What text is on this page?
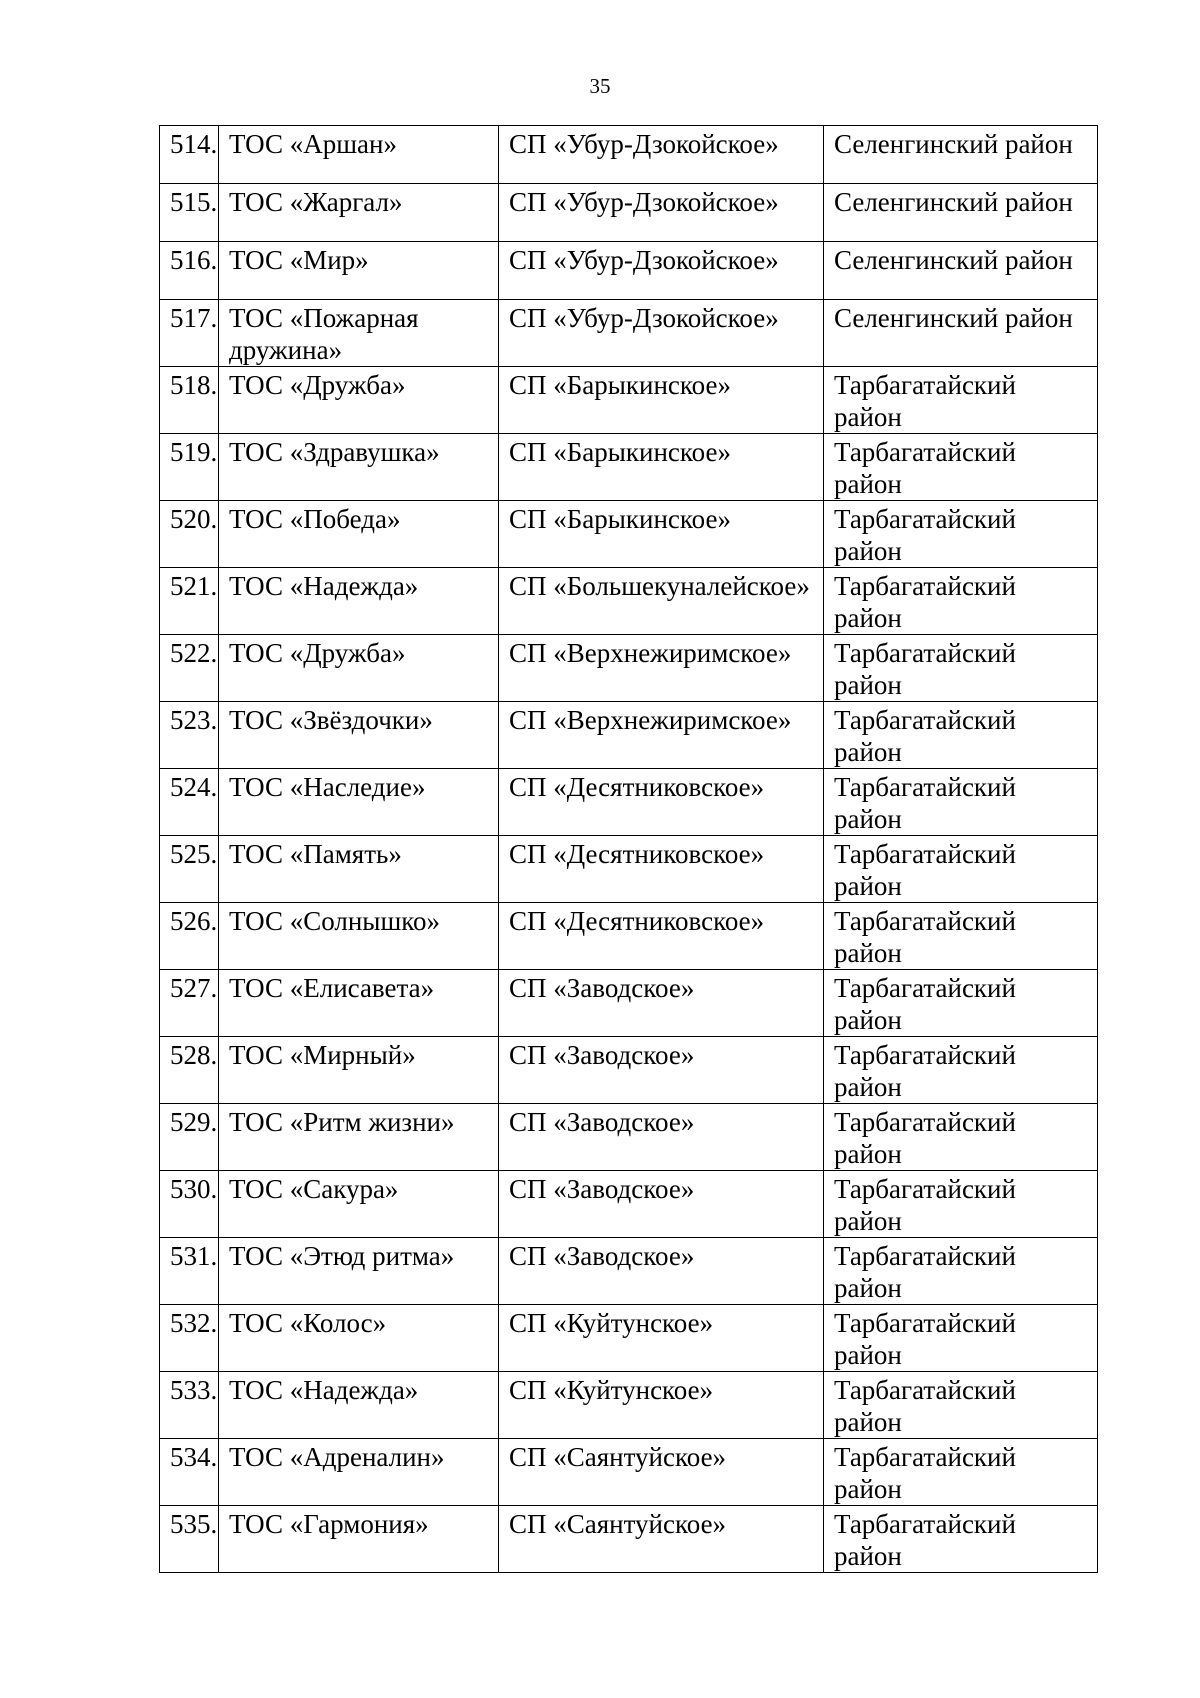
35
514.	ТОС «Аршан»	СП «Убур-Дзокойское»	Селенгинский район
515.	ТОС «Жаргал»	СП «Убур-Дзокойское»	Селенгинский район
516.	ТОС «Мир»	СП «Убур-Дзокойское»	Селенгинский район
517.	ТОС «Пожарная дружина»	СП «Убур-Дзокойское»	Селенгинский район
518.	ТОС «Дружба»	СП «Барыкинское»	Тарбагатайский район
519.	ТОС «Здравушка»	СП «Барыкинское»	Тарбагатайский район
520.	ТОС «Победа»	СП «Барыкинское»	Тарбагатайский район
521.	ТОС «Надежда»	СП «Большекуналейское»	Тарбагатайский район
522.	ТОС «Дружба»	СП «Верхнежиримское»	Тарбагатайский район
523.	ТОС «Звёздочки»	СП «Верхнежиримское»	Тарбагатайский район
524.	ТОС «Наследие»	СП «Десятниковское»	Тарбагатайский район
525.	ТОС «Память»	СП «Десятниковское»	Тарбагатайский район
526.	ТОС «Солнышко»	СП «Десятниковское»	Тарбагатайский район
527.	ТОС «Елисавета»	СП «Заводское»	Тарбагатайский район
528.	ТОС «Мирный»	СП «Заводское»	Тарбагатайский район
529.	ТОС «Ритм жизни»	СП «Заводское»	Тарбагатайский район
530.	ТОС «Сакура»	СП «Заводское»	Тарбагатайский район
531.	ТОС «Этюд ритма»	СП «Заводское»	Тарбагатайский район
532.	ТОС «Колос»	СП «Куйтунское»	Тарбагатайский район
533.	ТОС «Надежда»	СП «Куйтунское»	Тарбагатайский район
534.	ТОС «Адреналин»	СП «Саянтуйское»	Тарбагатайский район
535.	ТОС «Гармония»	СП «Саянтуйское»	Тарбагатайский район
